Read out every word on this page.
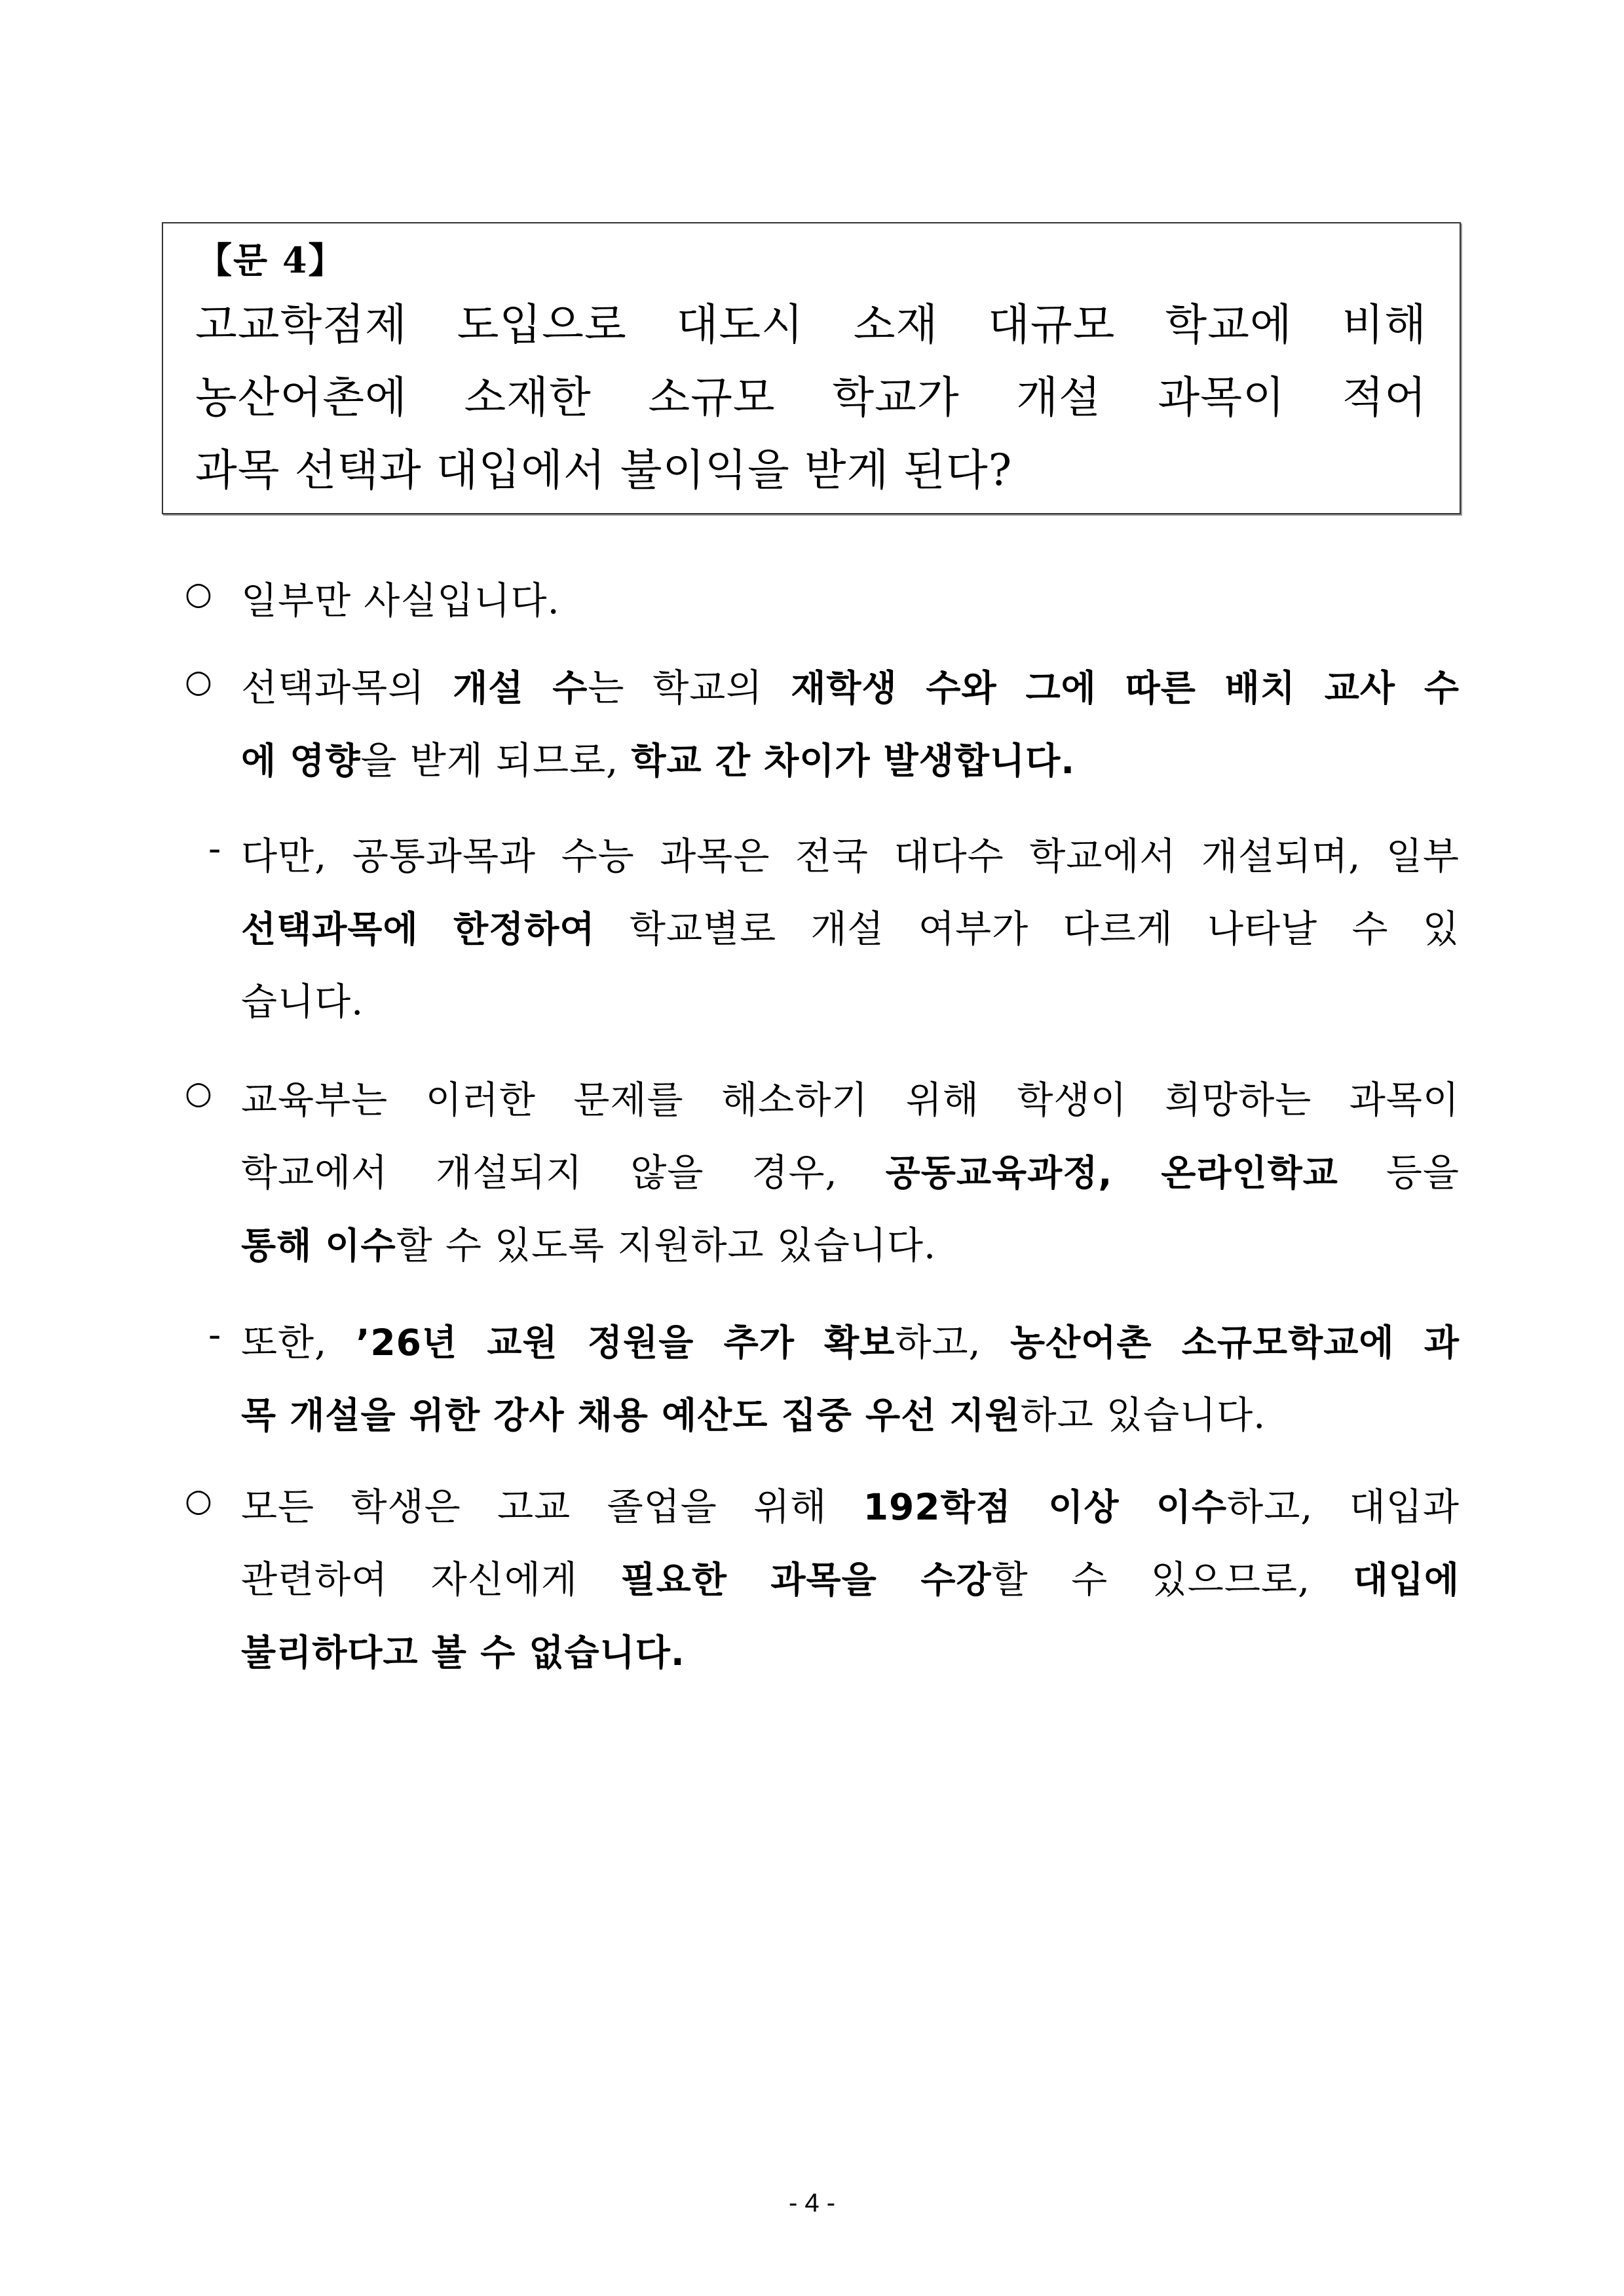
【문 4】
고교학점제 도입으로 대도시 소재 대규모 학교에 비해
농산어촌에 소재한 소규모 학교가 개설 과목이 적어
과목 선택과 대입에서 불이익을 받게 된다?
○ 일부만 사실입니다.
○ 선택과목의 개설 수는 학교의 재학생 수와 그에 따른 배치 교사 수
에 영향을 받게 되므로, 학교 간 차이가 발생합니다.
- 다만, 공통과목과 수능 과목은 전국 대다수 학교에서 개설되며, 일부
선택과목에 한정하여 학교별로 개설 여부가 다르게 나타날 수 있
습니다.
○ 교육부는 이러한 문제를 해소하기 위해 학생이 희망하는 과목이
학교에서 개설되지 않을 경우, 공동교육과정, 온라인학교 등을
통해 이수할 수 있도록 지원하고 있습니다.
- 또한, ’26년 교원 정원을 추가 확보하고, 농산어촌 소규모학교에 과
목 개설을 위한 강사 채용 예산도 집중 우선 지원하고 있습니다.
○ 모든 학생은 고교 졸업을 위해 192학점 이상 이수하고, 대입과
관련하여 자신에게 필요한 과목을 수강할 수 있으므로, 대입에
불리하다고 볼 수 없습니다.
- 4 -
